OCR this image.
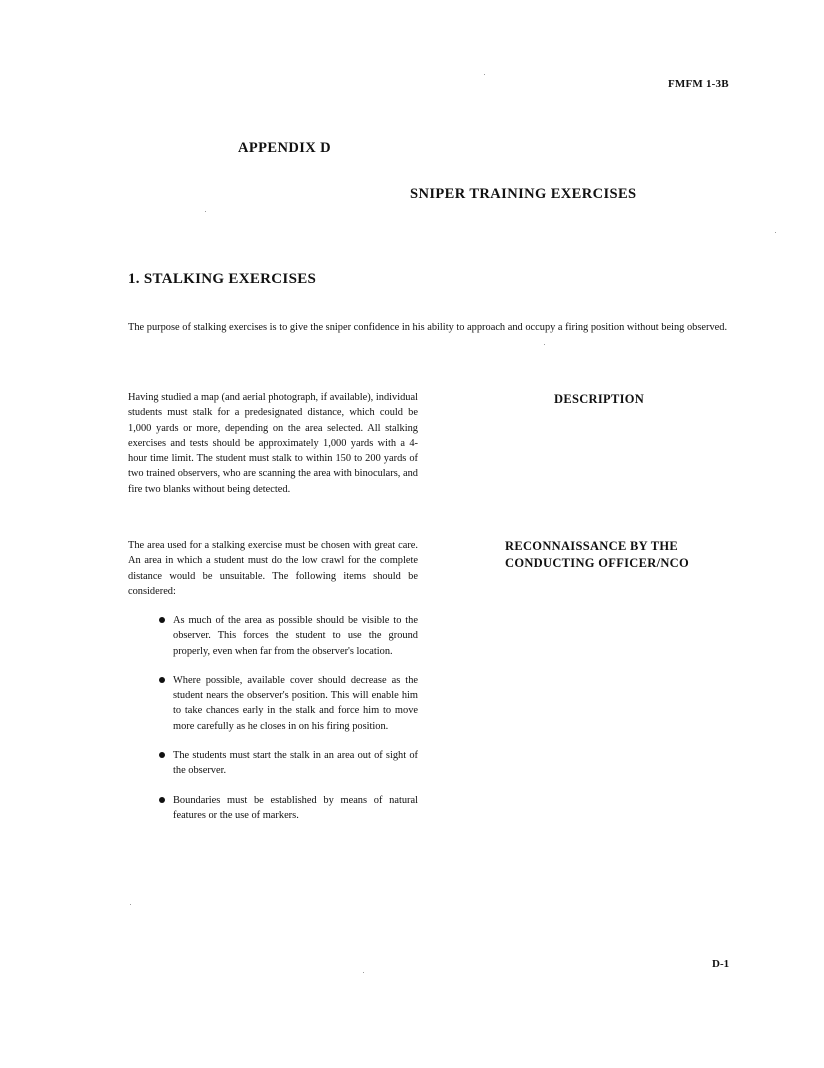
FMFM 1-3B
APPENDIX D
SNIPER TRAINING EXERCISES
1. STALKING EXERCISES
The purpose of stalking exercises is to give the sniper confidence in his ability to approach and occupy a firing position without being observed.
Having studied a map (and aerial photograph, if available), individual students must stalk for a predesignated distance, which could be 1,000 yards or more, depending on the area selected. All stalking exercises and tests should be approximately 1,000 yards with a 4-hour time limit. The student must stalk to within 150 to 200 yards of two trained observers, who are scanning the area with binoculars, and fire two blanks without being detected.
DESCRIPTION
The area used for a stalking exercise must be chosen with great care. An area in which a student must do the low crawl for the complete distance would be unsuitable. The following items should be considered:
RECONNAISSANCE BY THE
CONDUCTING OFFICER/NCO
As much of the area as possible should be visible to the observer. This forces the student to use the ground properly, even when far from the observer's location.
Where possible, available cover should decrease as the student nears the observer's position. This will enable him to take chances early in the stalk and force him to move more carefully as he closes in on his firing position.
The students must start the stalk in an area out of sight of the observer.
Boundaries must be established by means of natural features or the use of markers.
D-1
